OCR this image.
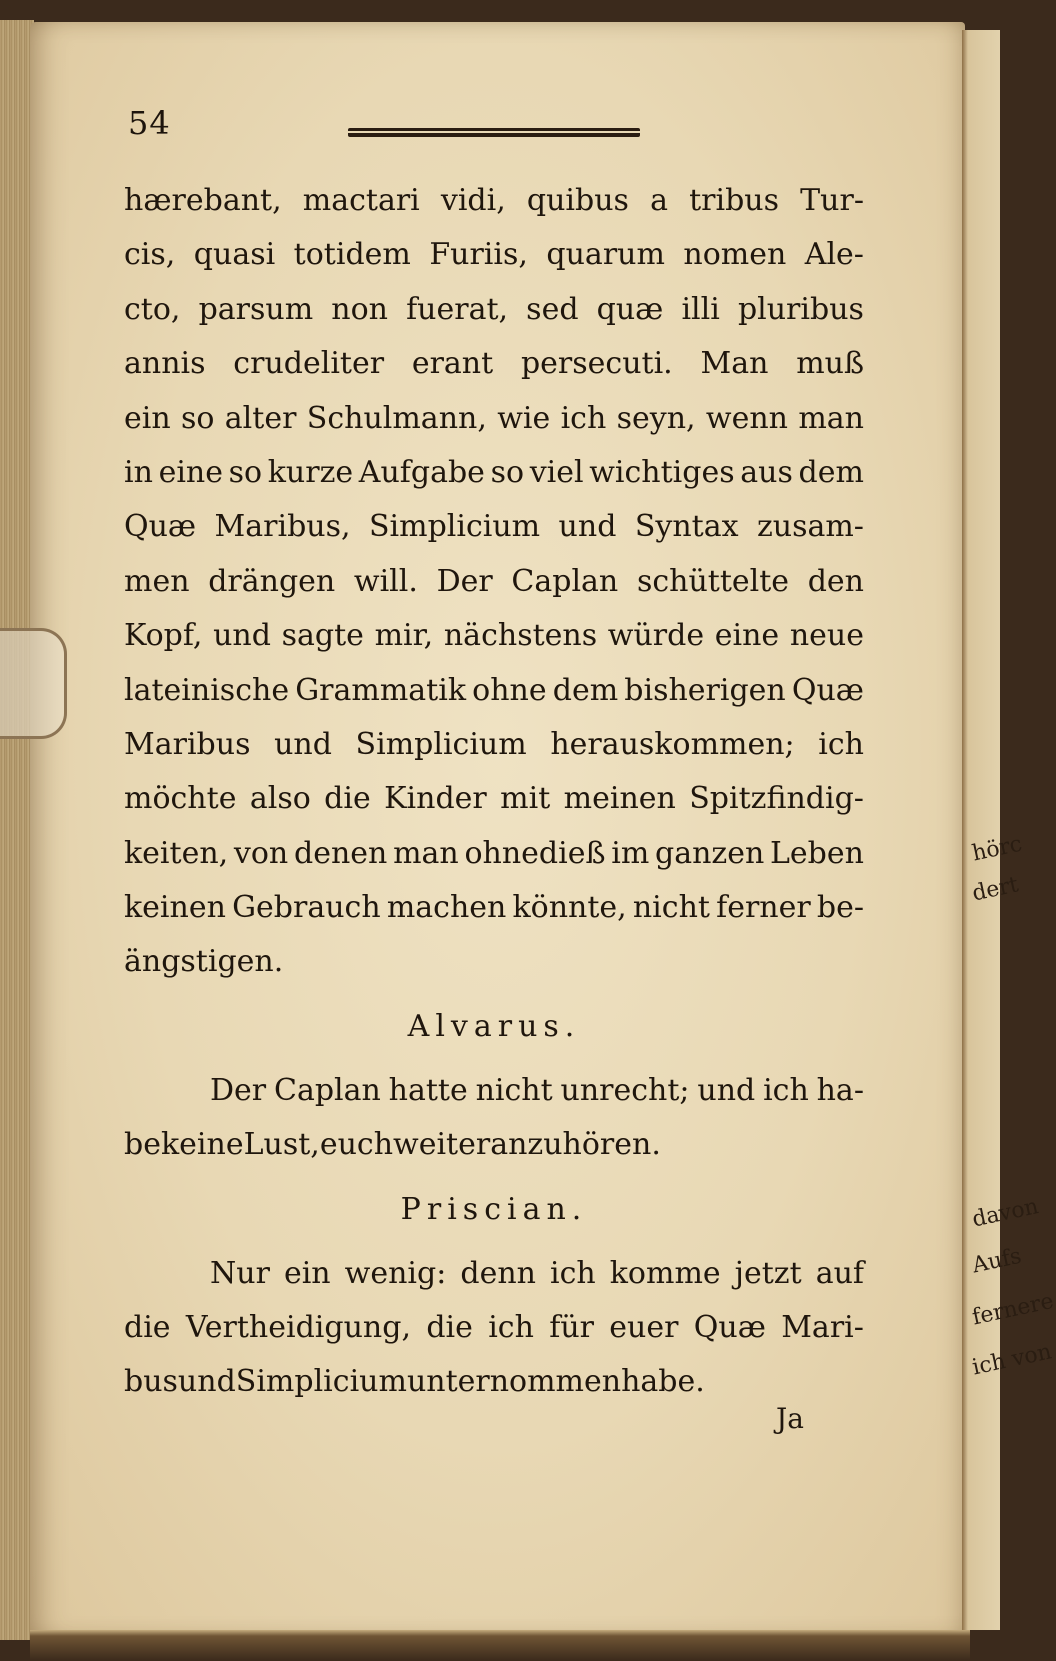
hörc
dert
davon
Aufs
fernere
ich von
54
hærebant, mactari vidi, quibus a tribus Tur-
cis, quasi totidem Furiis, quarum nomen Ale-
cto, parsum non fuerat, sed quæ illi pluribus
annis crudeliter erant persecuti. Man muß
ein so alter Schulmann, wie ich seyn, wenn man
in eine so kurze Aufgabe so viel wichtiges aus dem
Quæ Maribus, Simplicium und Syntax zusam-
men drängen will. Der Caplan schüttelte den
Kopf, und sagte mir, nächstens würde eine neue
lateinische Grammatik ohne dem bisherigen Quæ
Maribus und Simplicium herauskommen; ich
möchte also die Kinder mit meinen Spitzfindig-
keiten, von denen man ohnedieß im ganzen Leben
keinen Gebrauch machen könnte, nicht ferner be-
ängstigen.
Alvarus.
Der Caplan hatte nicht unrecht; und ich ha-
be keine Lust, euch weiter anzuhören.
Priscian.
Nur ein wenig: denn ich komme jetzt auf
die Vertheidigung, die ich für euer Quæ Mari-
bus und Simplicium unternommen habe.
Ja
